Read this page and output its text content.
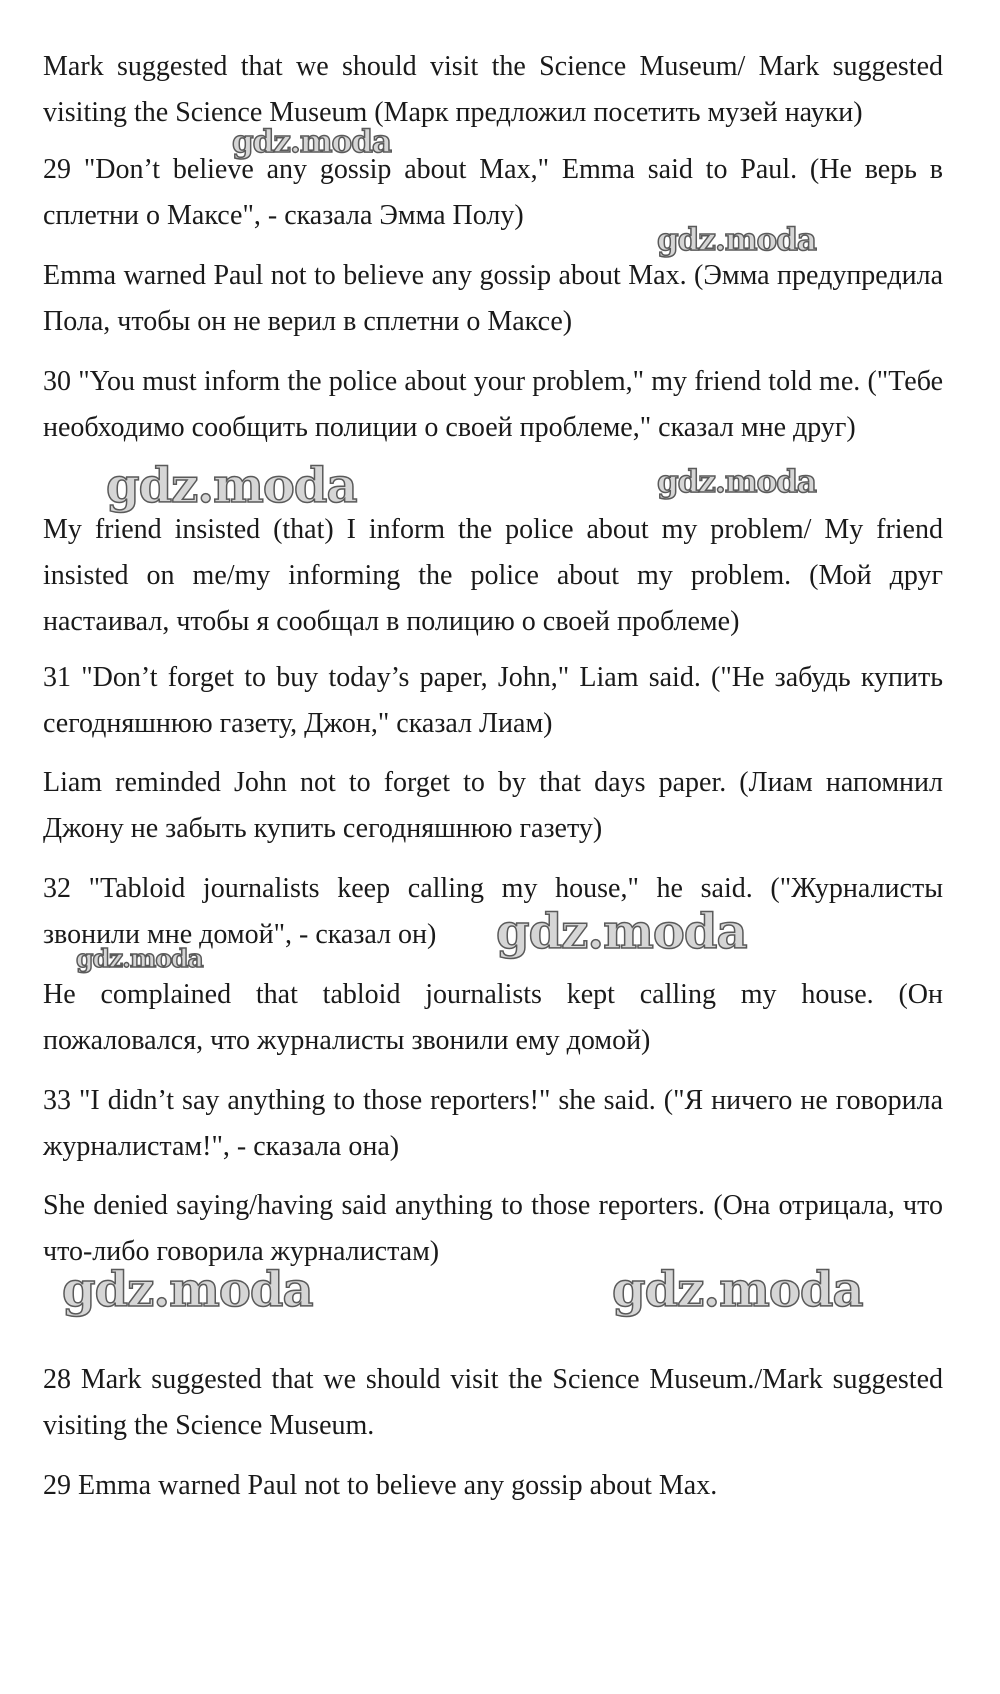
Mark suggested that we should visit the Science Museum/ Mark suggested visiting the Science Museum (Марк предложил посетить музей науки)

29 "Don’t believe any gossip about Max," Emma said to Paul. (Не верь в сплетни о Максе", - сказала Эмма Полу)

Emma warned Paul not to believe any gossip about Max. (Эмма предупредила Пола, чтобы он не верил в сплетни о Максе)

30 "You must inform the police about your problem," my friend told me. ("Тебе необходимо сообщить полиции о своей проблеме," сказал мне друг)

My friend insisted (that) I inform the police about my problem/ My friend insisted on me/my informing the police about my problem. (Мой друг настаивал, чтобы я сообщал в полицию о своей проблеме)

31 "Don’t forget to buy today’s paper, John," Liam said. ("Не забудь купить сегодняшнюю газету, Джон," сказал Лиам)

Liam reminded John not to forget to by that days paper. (Лиам напомнил Джону не забыть купить сегодняшнюю газету)

32 "Tabloid journalists keep calling my house," he said. ("Журналисты звонили мне домой", - сказал он)

He complained that tabloid journalists kept calling my house. (Он пожаловался, что журналисты звонили ему домой)

33 "I didn’t say anything to those reporters!" she said. ("Я ничего не говорила журналистам!", - сказала она)

She denied saying/having said anything to those reporters. (Она отрицала, что что-либо говорила журналистам)

28 Mark suggested that we should visit the Science Museum./Mark suggested visiting the Science Museum.

29 Emma warned Paul not to believe any gossip about Max.

gdz.moda
gdz.moda
gdz.moda	gdz.moda
gdz.moda
gdz.moda
gdz.moda	gdz.moda
